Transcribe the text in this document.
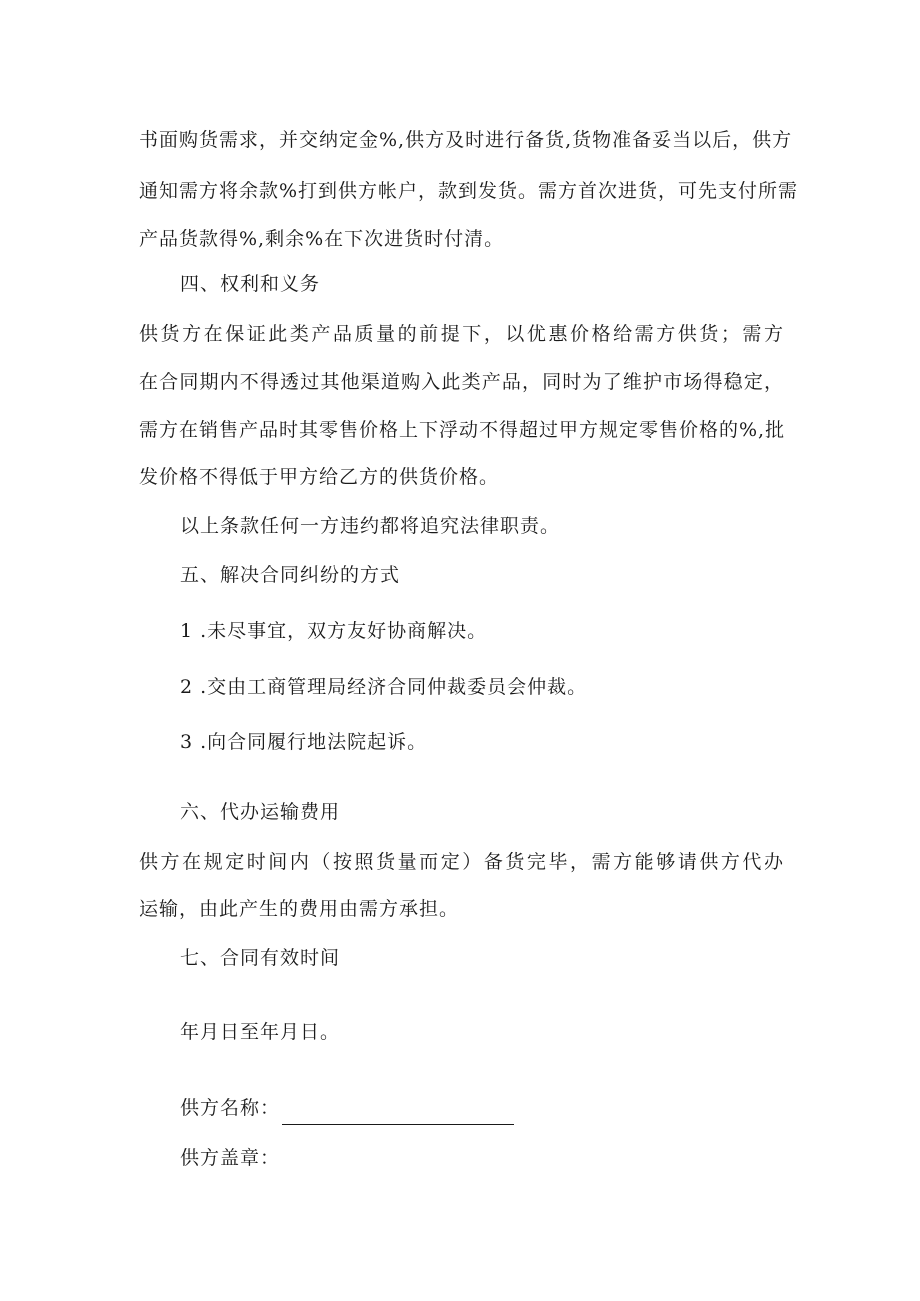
书面购货需求，并交纳定金%,供方及时进行备货,货物准备妥当以后，供方
通知需方将余款%打到供方帐户，款到发货。需方首次进货，可先支付所需
产品货款得%,剩余%在下次进货时付清。
四、权利和义务
供货方在保证此类产品质量的前提下，以优惠价格给需方供货；需方
在合同期内不得透过其他渠道购入此类产品，同时为了维护市场得稳定，
需方在销售产品时其零售价格上下浮动不得超过甲方规定零售价格的%,批
发价格不得低于甲方给乙方的供货价格。
以上条款任何一方违约都将追究法律职责。
五、解决合同纠纷的方式
1 .未尽事宜，双方友好协商解决。
2 .交由工商管理局经济合同仲裁委员会仲裁。
3 .向合同履行地法院起诉。
六、代办运输费用
供方在规定时间内（按照货量而定）备货完毕，需方能够请供方代办
运输，由此产生的费用由需方承担。
七、合同有效时间
年月日至年月日。
供方名称：
供方盖章：
